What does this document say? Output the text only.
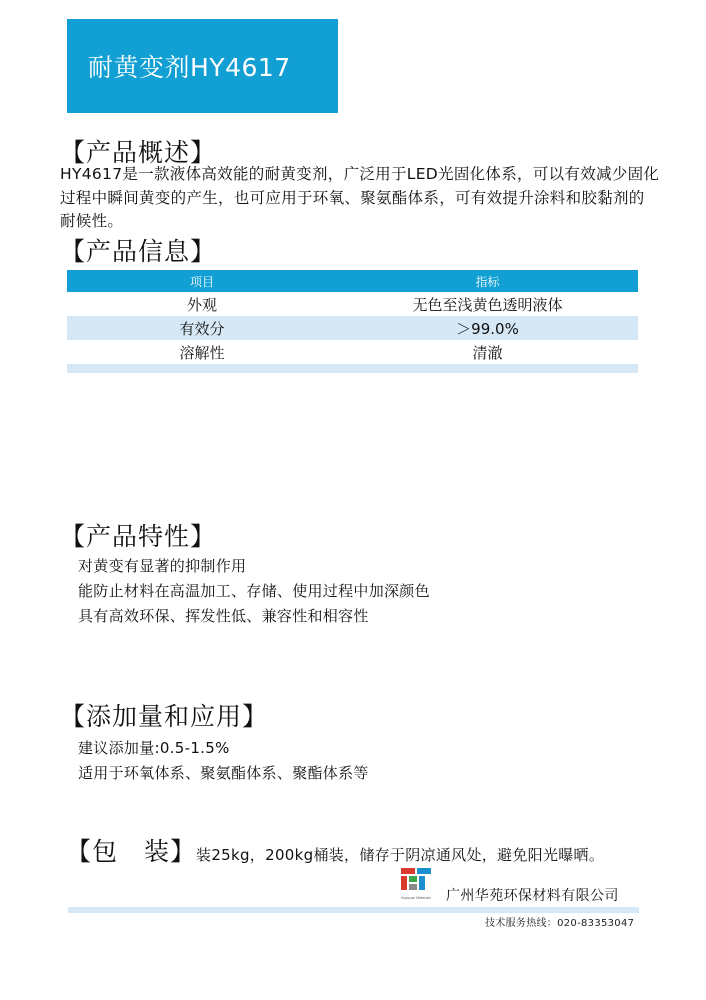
耐黄变剂HY4617
【产品概述】
HY4617是一款液体高效能的耐黄变剂，广泛用于LED光固化体系，可以有效减少固化过程中瞬间黄变的产生，也可应用于环氧、聚氨酯体系，可有效提升涂料和胶黏剂的耐候性。
【产品信息】
项目	指标
外观	无色至浅黄色透明液体
有效分	＞99.0%
溶解性	清澈
【产品特性】
对黄变有显著的抑制作用
能防止材料在高温加工、存储、使用过程中加深颜色
具有高效环保、挥发性低、兼容性和相容性
【添加量和应用】
建议添加量:0.5-1.5%
适用于环氧体系、聚氨酯体系、聚酯体系等
【包　装】 装25kg，200kg桶装，储存于阴凉通风处，避免阳光曝晒。
Huayuan Materials 广州华苑环保材料有限公司
技术服务热线：020-83353047
